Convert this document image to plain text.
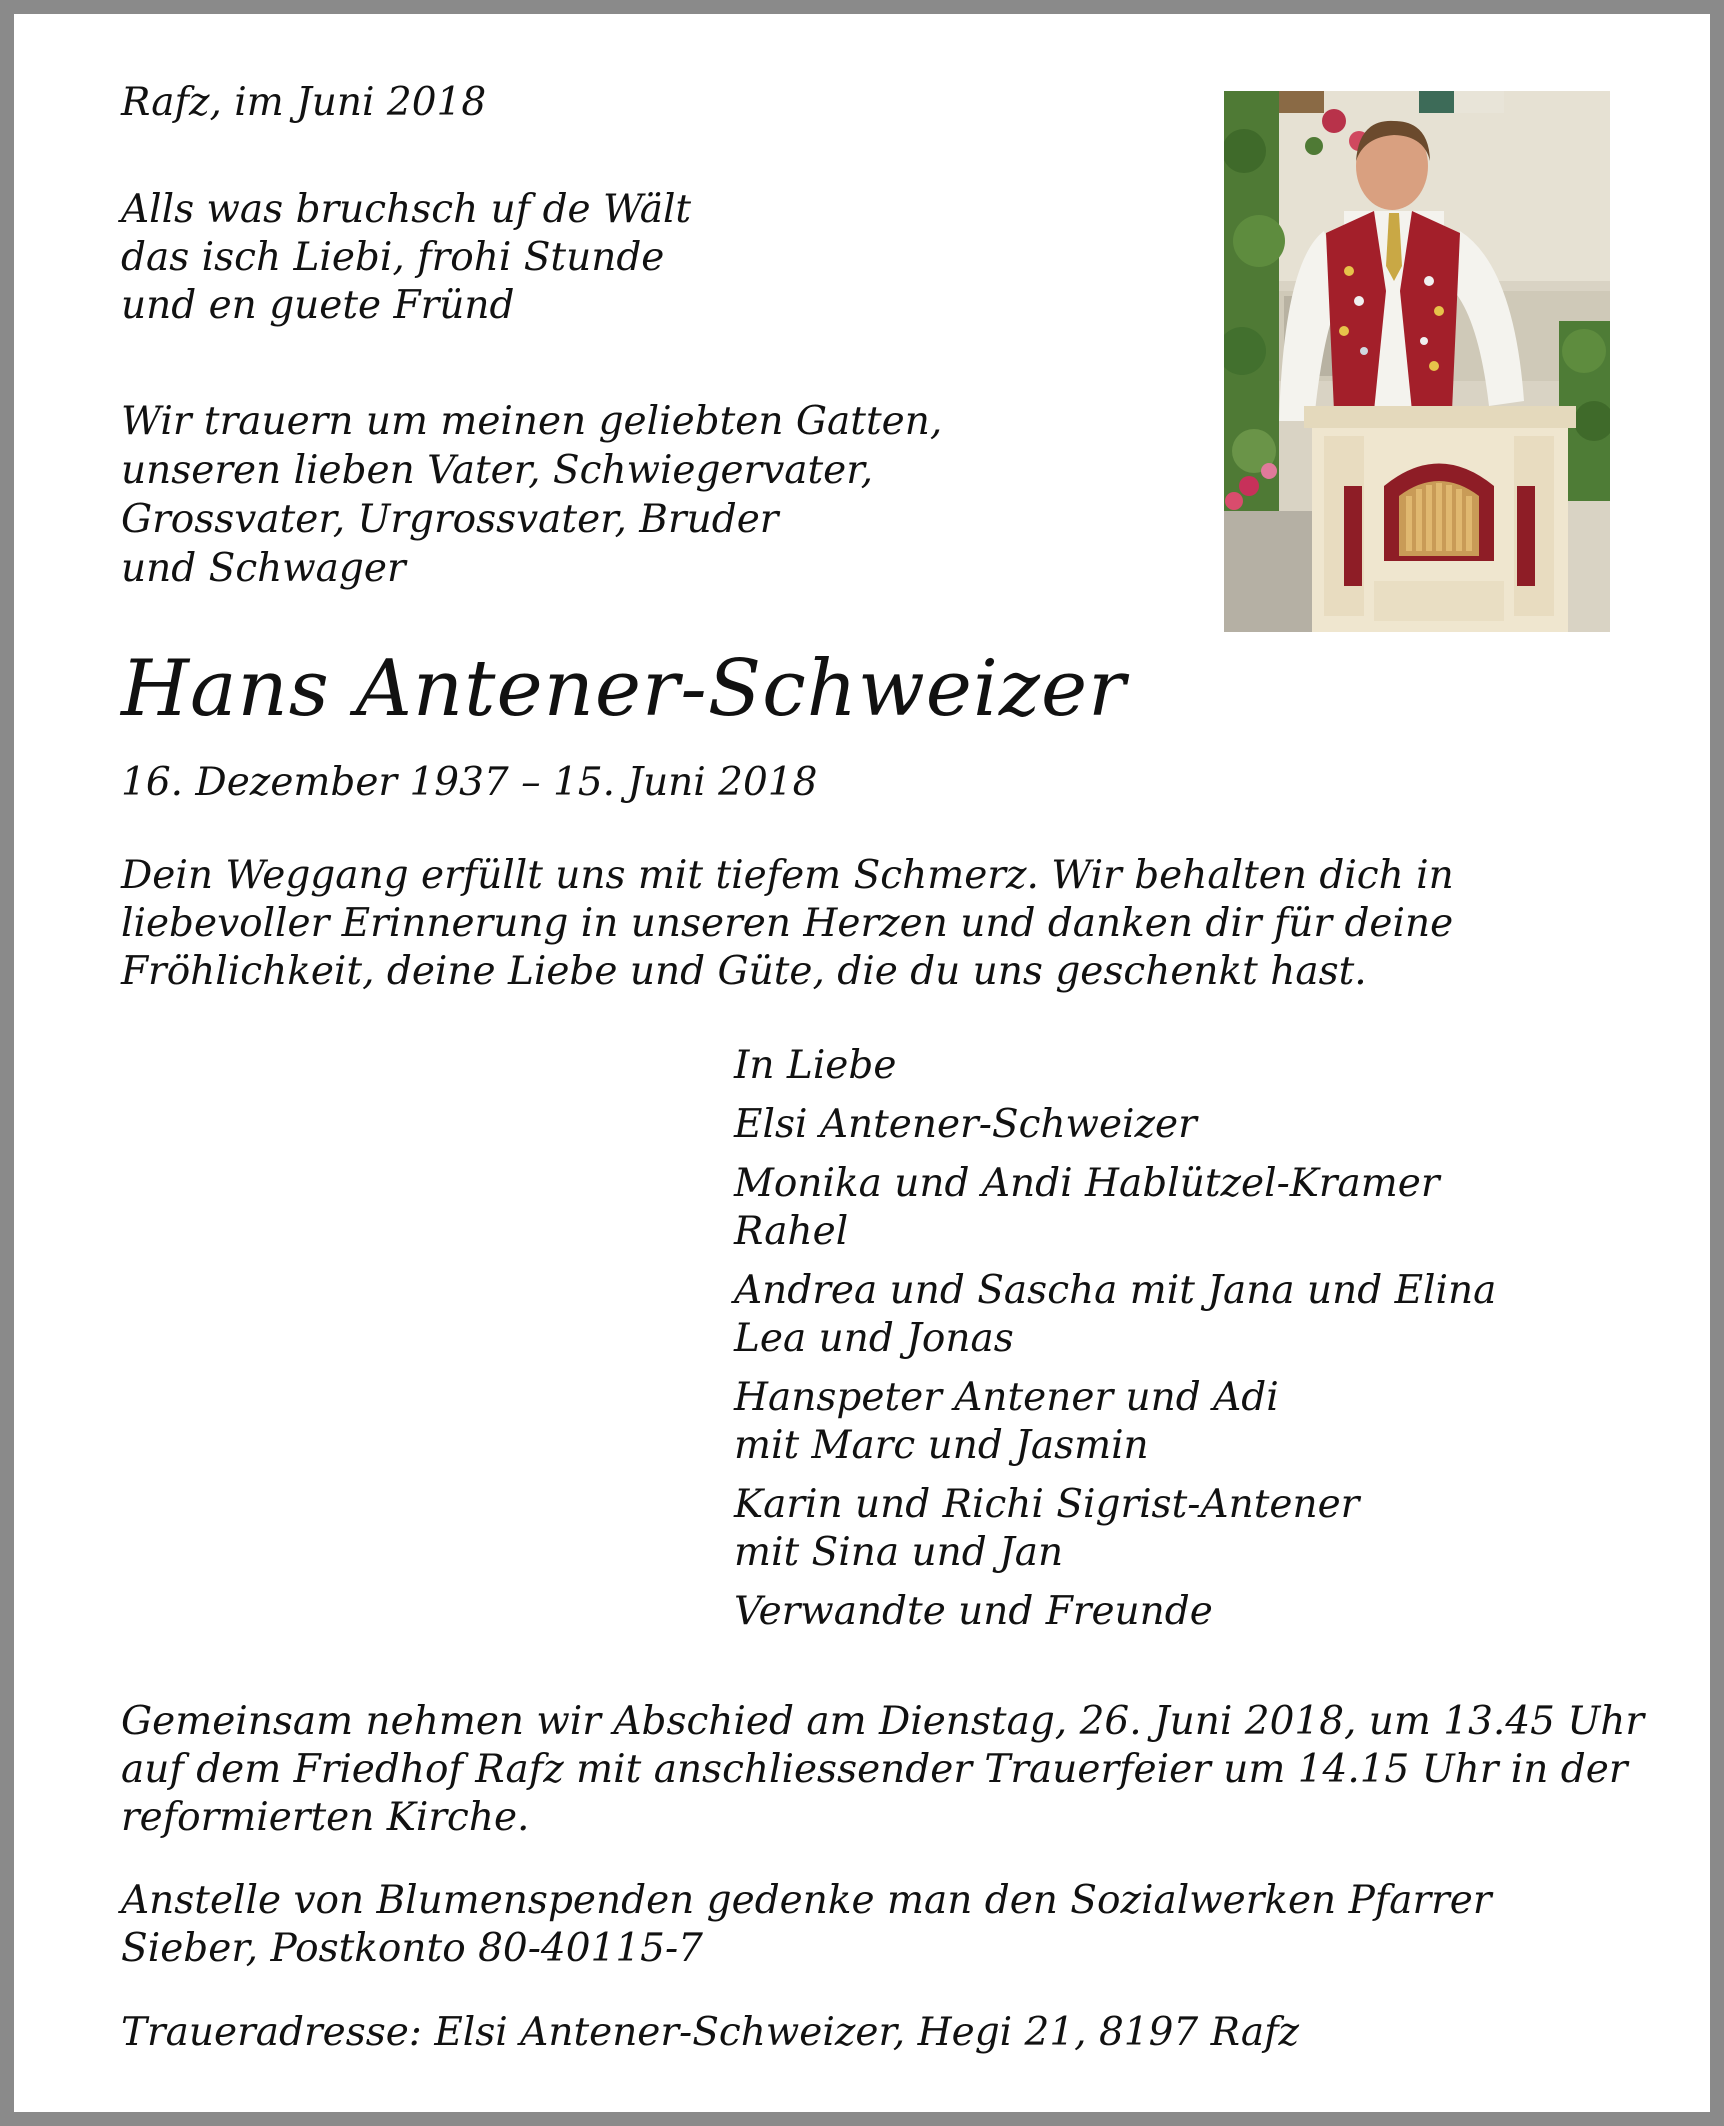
Rafz, im Juni 2018
Alls was bruchsch uf de Wält
das isch Liebi, frohi Stunde
und en guete Fründ
Wir trauern um meinen geliebten Gatten,
unseren lieben Vater, Schwiegervater,
Grossvater, Urgrossvater, Bruder
und Schwager
Hans Antener-Schweizer
16. Dezember 1937 – 15. Juni 2018
Dein Weggang erfüllt uns mit tiefem Schmerz. Wir behalten dich in
liebevoller Erinnerung in unseren Herzen und danken dir für deine
Fröhlichkeit, deine Liebe und Güte, die du uns geschenkt hast.
In Liebe
Elsi Antener-Schweizer
Monika und Andi Hablützel-Kramer
Rahel
Andrea und Sascha mit Jana und Elina
Lea und Jonas
Hanspeter Antener und Adi
mit Marc und Jasmin
Karin und Richi Sigrist-Antener
mit Sina und Jan
Verwandte und Freunde
Gemeinsam nehmen wir Abschied am Dienstag, 26. Juni 2018, um 13.45 Uhr
auf dem Friedhof Rafz mit anschliessender Trauerfeier um 14.15 Uhr in der
reformierten Kirche.
Anstelle von Blumenspenden gedenke man den Sozialwerken Pfarrer
Sieber, Postkonto 80-40115-7
Traueradresse: Elsi Antener-Schweizer, Hegi 21, 8197 Rafz
